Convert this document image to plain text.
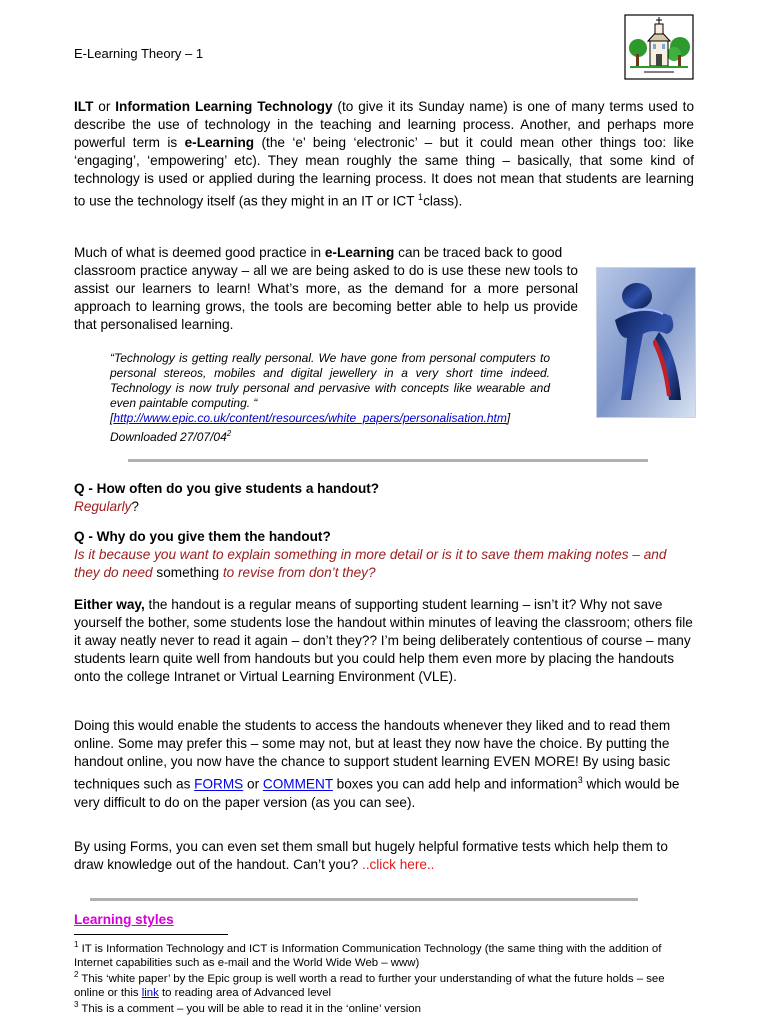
E-Learning Theory – 1
ILT or Information Learning Technology (to give it its Sunday name) is one of many terms used to describe the use of technology in the teaching and learning process. Another, and perhaps more powerful term is e-Learning (the ‘e’ being ‘electronic’ – but it could mean other things too: like ‘engaging’, ‘empowering’ etc). They mean roughly the same thing – basically, that some kind of technology is used or applied during the learning process. It does not mean that students are learning to use the technology itself (as they might in an IT or ICT $^1$class).
Much of what is deemed good practice in e-Learning can be traced back to good
classroom practice anyway – all we are being asked to do is use these new tools to assist our learners to learn! What’s more, as the demand for a more personal approach to learning grows, the tools are becoming better able to help us provide that personalised learning.
“Technology is getting really personal. We have gone from personal computers to personal stereos, mobiles and digital jewellery in a very short time indeed. Technology is now truly personal and pervasive with concepts like wearable and even paintable computing. “
[http://www.epic.co.uk/content/resources/white_papers/personalisation.htm]
Downloaded $27/07/04^2$
Q - How often do you give students a handout?
Regularly?
Q - Why do you give them the handout?
Is it because you want to explain something in more detail or is it to save them making notes – and they do need something to revise from don’t they?
Either way, the handout is a regular means of supporting student learning – isn’t it? Why not save yourself the bother, some students lose the handout within minutes of leaving the classroom; others file it away neatly never to read it again – don’t they?? I’m being deliberately contentious of course – many students learn quite well from handouts but you could help them even more by placing the handouts onto the college Intranet or Virtual Learning Environment (VLE).
Doing this would enable the students to access the handouts whenever they liked and to read them online. Some may prefer this – some may not, but at least they now have the choice. By putting the handout online, you now have the chance to support student learning EVEN MORE! By using basic techniques such as FORMS or COMMENT boxes you can add help and information$^3$ which would be very difficult to do on the paper version (as you can see).
By using Forms, you can even set them small but hugely helpful formative tests which help them to draw knowledge out of the handout. Can’t you? ..click here..
Learning styles
$^1$ IT is Information Technology and ICT is Information Communication Technology (the same thing with the addition of Internet capabilities such as e-mail and the World Wide Web – www)
$^2$ This ‘white paper’ by the Epic group is well worth a read to further your understanding of what the future holds – see online or this link to reading area of Advanced level
$^3$ This is a comment – you will be able to read it in the ‘online’ version
